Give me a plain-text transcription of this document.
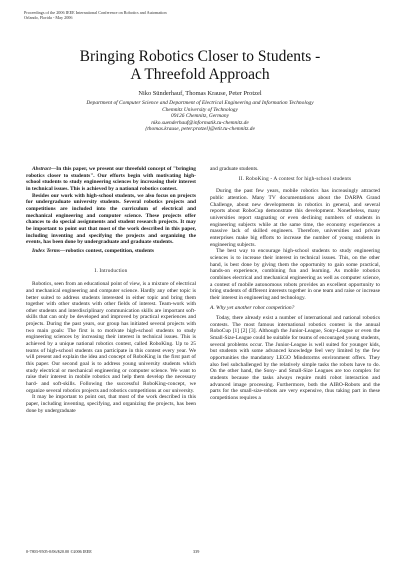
Proceedings of the 2006 IEEE International Conference on Robotics and Automation
Orlando, Florida - May 2006
Bringing Robotics Closer to Students -
A Threefold Approach
Niko Sünderhauf, Thomas Krause, Peter Protzel
Department of Computer Science and Department of Electrical Engineering and Information Technology
Chemnitz University of Technology
09126 Chemnitz, Germany
niko.suenderhauf@informatik.tu-chemnitz.de
{thomas.krause, peter.protzel}@etit.tu-chemnitz.de

Abstract—In this paper, we present our threefold concept of "bringing robotics closer to students". Our efforts begin with motivating high-school students to study engineering sciences by increasing their interest in technical issues. This is achieved by a national robotics contest.

Besides our work with high-school students, we also focus on projects for undergraduate university students. Several robotics projects and competitions are included into the curriculum of electrical and mechanical engineering and computer science. These projects offer chances to do special assignments and student research projects. It may be important to point out that most of the work described in this paper, including inventing and specifying the projects and organizing the events, has been done by undergraduate and graduate students.

Index Terms—robotics contest, competition, students

I. Introduction

Robotics, seen from an educational point of view, is a mixture of electrical and mechanical engineering and computer science. Hardly any other topic is better suited to address students interested in either topic and bring them together with other students with other fields of interest. Team-work with other students and interdisciplinary communication skills are important soft-skills that can only be developed and improved by practical experiences and projects. During the past years, our group has initiated several projects with two main goals: The first is to motivate high-school students to study engineering sciences by increasing their interest in technical issues. This is achieved by a unique national robotics contest, called RoboKing. Up to 25 teams of high-school students can participate in this contest every year. We will present and explain the idea and concept of RoboKing in the first part of this paper. Our second goal is to address young university students which study electrical or mechanical engineering or computer science. We want to raise their interest in mobile robotics and help them develop the necessary hard- and soft-skills. Following the successful RoboKing-concept, we organize several robotics projects and robotics competitions at our university.

It may be important to point out, that most of the work described in this paper, including inventing, specifying, and organizing the projects, has been done by undergraduate

and graduate students.

II. RoboKing - A contest for high-school students

During the past few years, mobile robotics has increasingly attracted public attention. Many TV documentations about the DARPA Grand Challenge, about new developments in robotics in general, and several reports about RoboCup demonstrate this development. Nonetheless, many universities report stagnating or even declining numbers of students in engineering subjects while at the same time, the economy experiences a massive lack of skilled engineers. Therefore, universities and private enterprises make big efforts to increase the number of young students in engineering subjects.

The best way to encourage high-school students to study engineering sciences is to increase their interest in technical issues. This, on the other hand, is best done by giving them the opportunity to gain some practical, hands-on experience, combining fun and learning. As mobile robotics combines electrical and mechanical engineering as well as computer science, a contest of mobile autonomous robots provides an excellent opportunity to bring students of different interests together in one team and raise or increase their interest in engineering and technology.

A. Why yet another robot competition?

Today, there already exist a number of international and national robotics contests. The most famous international robotics contest is the annual RoboCup [1] [2] [3]. Although the Junior-League, Sony-League or even the Small-Size-League could be suitable for teams of encouraged young students, several problems occur. The Junior-League is well suited for younger kids, but students with some advanced knowledge feel very limited by the few opportunities the mandatory LEGO Mindstorms environment offers. They also feel subchallenged by the relatively simple tasks the robots have to do. On the other hand, the Sony- and Small-Size Leagues are too complex for students because the tasks always require multi robot interaction and advanced image processing. Furthermore, both the AIBO-Robots and the parts for the small-size-robots are very expensive, thus taking part in these competitions requires a

0-7803-9505-0/06/$20.00 ©2006 IEEE	339
